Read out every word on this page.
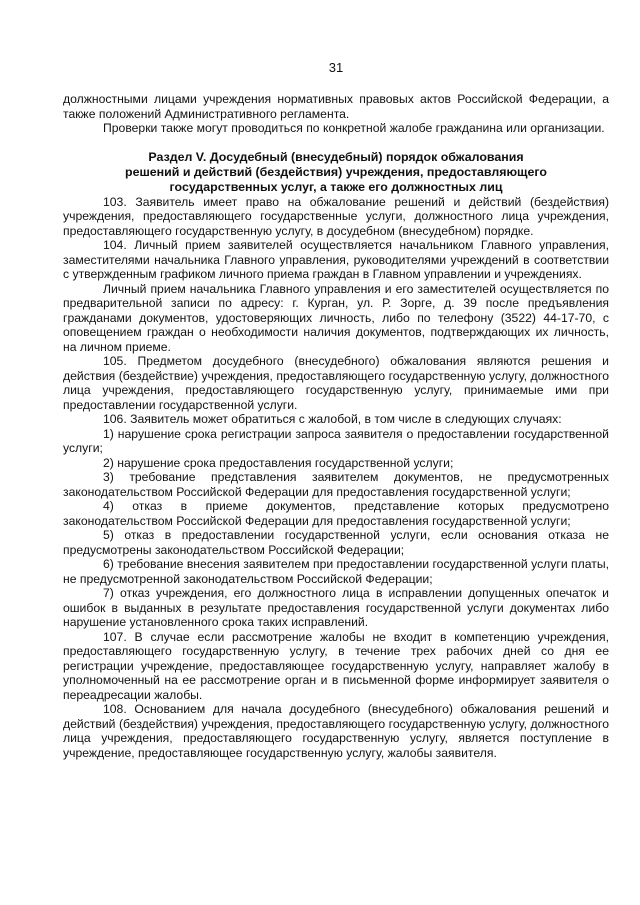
31

должностными лицами учреждения нормативных правовых актов Российской Федерации, а также положений Административного регламента.

Проверки также могут проводиться по конкретной жалобе гражданина или организации.

Раздел V. Досудебный (внесудебный) порядок обжалования
решений и действий (бездействия) учреждения, предоставляющего
государственных услуг, а также его должностных лиц

103. Заявитель имеет право на обжалование решений и действий (бездействия) учреждения, предоставляющего государственные услуги, должностного лица учреждения, предоставляющего государственную услугу, в досудебном (внесудебном) порядке.

104. Личный прием заявителей осуществляется начальником Главного управления, заместителями начальника Главного управления, руководителями учреждений в соответствии с утвержденным графиком личного приема граждан в Главном управлении и учреждениях.

Личный прием начальника Главного управления и его заместителей осуществляется по предварительной записи по адресу: г. Курган, ул. Р. Зорге, д. 39 после предъявления гражданами документов, удостоверяющих личность, либо по телефону (3522) 44-17-70, с оповещением граждан о необходимости наличия документов, подтверждающих их личность, на личном приеме.

105. Предметом досудебного (внесудебного) обжалования являются решения и действия (бездействие) учреждения, предоставляющего государственную услугу, должностного лица учреждения, предоставляющего государственную услугу, принимаемые ими при предоставлении государственной услуги.

106. Заявитель может обратиться с жалобой, в том числе в следующих случаях:

1) нарушение срока регистрации запроса заявителя о предоставлении государственной услуги;

2) нарушение срока предоставления государственной услуги;

3) требование представления заявителем документов, не предусмотренных законодательством Российской Федерации для предоставления государственной услуги;

4) отказ в приеме документов, представление которых предусмотрено законодательством Российской Федерации для предоставления государственной услуги;

5) отказ в предоставлении государственной услуги, если основания отказа не предусмотрены законодательством Российской Федерации;

6) требование внесения заявителем при предоставлении государственной услуги платы, не предусмотренной законодательством Российской Федерации;

7) отказ учреждения, его должностного лица в исправлении допущенных опечаток и ошибок в выданных в результате предоставления государственной услуги документах либо нарушение установленного срока таких исправлений.

107. В случае если рассмотрение жалобы не входит в компетенцию учреждения, предоставляющего государственную услугу, в течение трех рабочих дней со дня ее регистрации учреждение, предоставляющее государственную услугу, направляет жалобу в уполномоченный на ее рассмотрение орган и в письменной форме информирует заявителя о переадресации жалобы.

108. Основанием для начала досудебного (внесудебного) обжалования решений и действий (бездействия) учреждения, предоставляющего государственную услугу, должностного лица учреждения, предоставляющего государственную услугу, является поступление в учреждение, предоставляющее государственную услугу, жалобы заявителя.
